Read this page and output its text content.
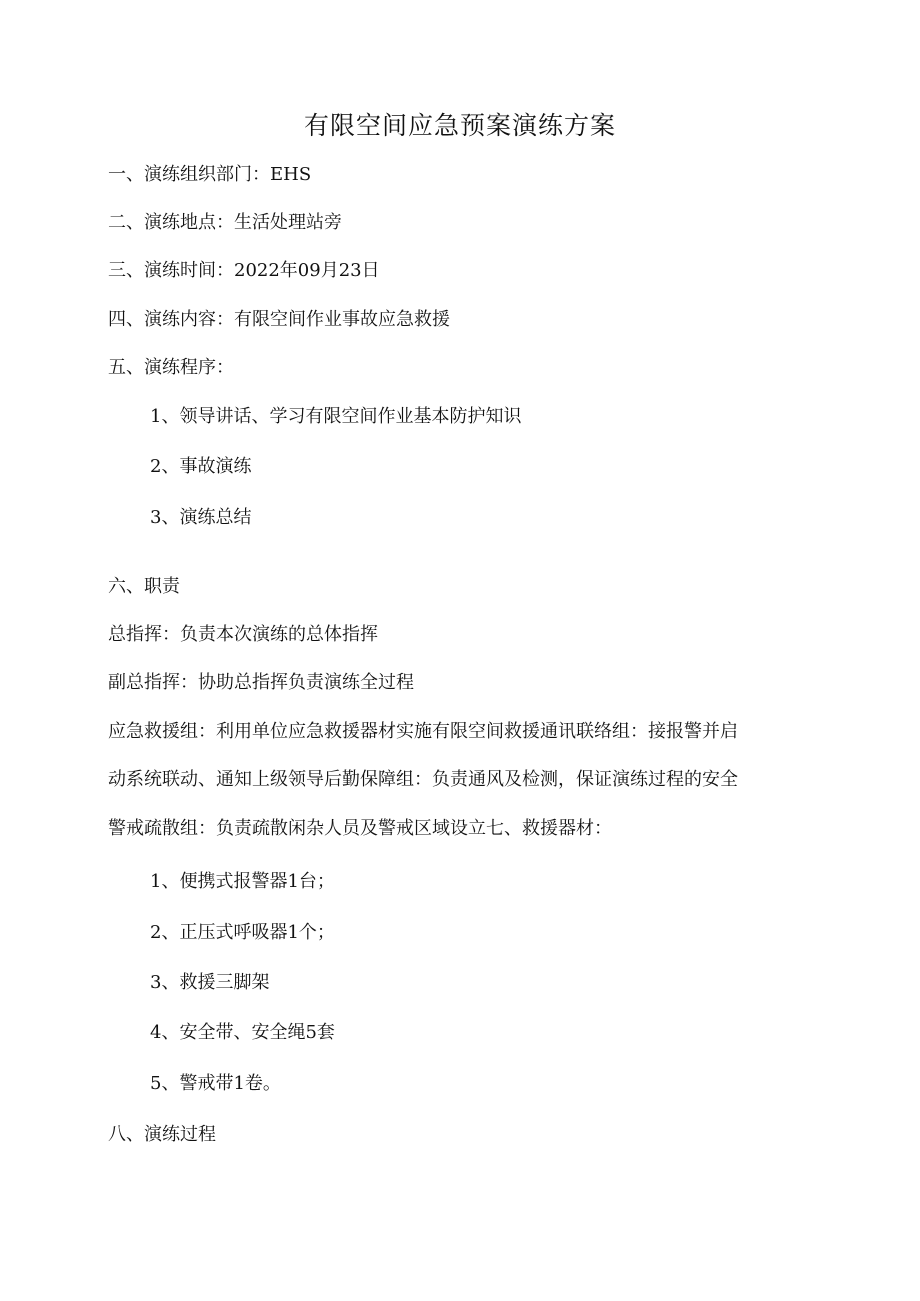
有限空间应急预案演练方案

一、演练组织部门：EHS

二、演练地点：生活处理站旁

三、演练时间：2022年09月23日

四、演练内容：有限空间作业事故应急救援

五、演练程序：

1、领导讲话、学习有限空间作业基本防护知识

2、事故演练

3、演练总结

六、职责

总指挥：负责本次演练的总体指挥

副总指挥：协助总指挥负责演练全过程

应急救援组：利用单位应急救援器材实施有限空间救援通讯联络组：接报警并启

动系统联动、通知上级领导后勤保障组：负责通风及检测，保证演练过程的安全

警戒疏散组：负责疏散闲杂人员及警戒区域设立七、救援器材：

1、便携式报警器1台；

2、正压式呼吸器1个；

3、救援三脚架

4、安全带、安全绳5套

5、警戒带1卷。

八、演练过程
